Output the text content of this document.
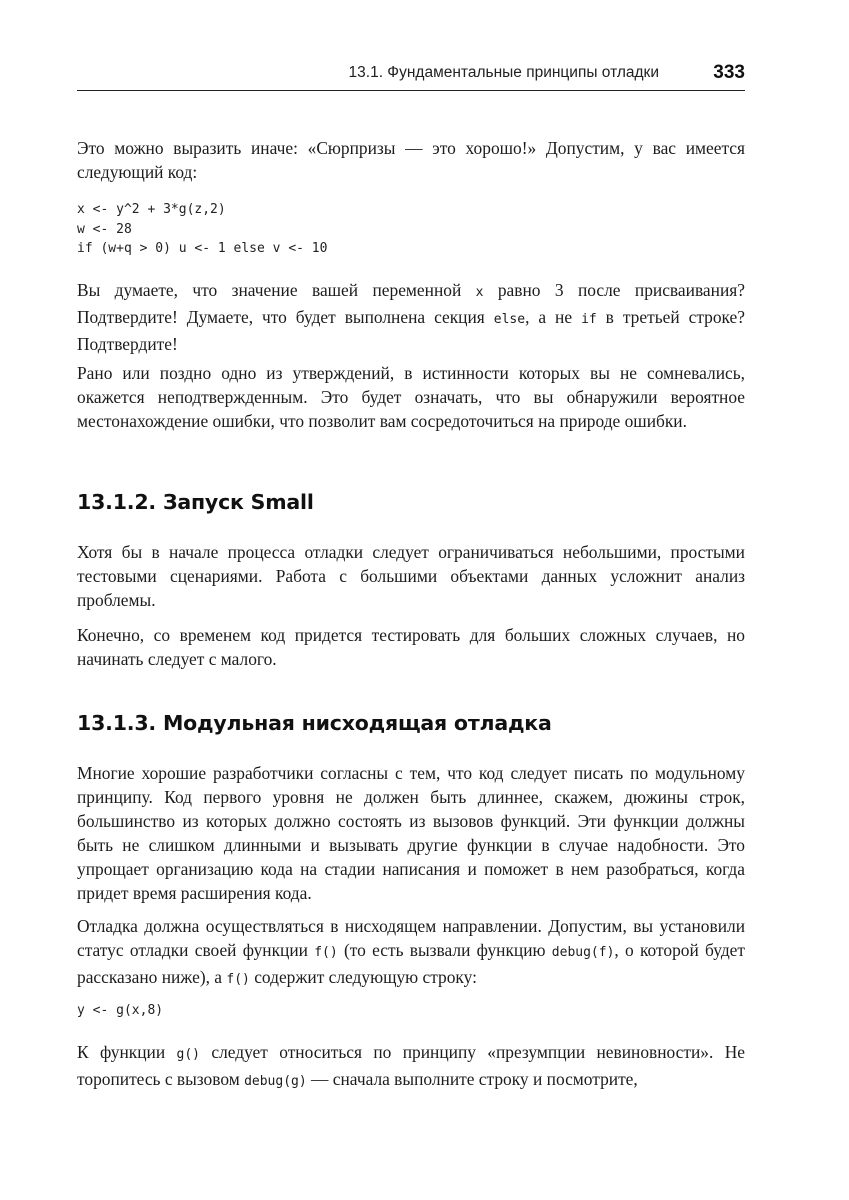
13.1. Фундаментальные принципы отладки	333

Это можно выразить иначе: «Сюрпризы — это хорошо!» Допустим, у вас имеется следующий код:

x <- y^2 + 3*g(z,2)
w <- 28
if (w+q > 0) u <- 1 else v <- 10

Вы думаете, что значение вашей переменной x равно 3 после присваивания? Подтвердите! Думаете, что будет выполнена секция else, а не if в третьей строке? Подтвердите!

Рано или поздно одно из утверждений, в истинности которых вы не сомневались, окажется неподтвержденным. Это будет означать, что вы обнаружили вероятное местонахождение ошибки, что позволит вам сосредоточиться на природе ошибки.

13.1.2. Запуск Small

Хотя бы в начале процесса отладки следует ограничиваться небольшими, простыми тестовыми сценариями. Работа с большими объектами данных усложнит анализ проблемы.

Конечно, со временем код придется тестировать для больших сложных случаев, но начинать следует с малого.

13.1.3. Модульная нисходящая отладка

Многие хорошие разработчики согласны с тем, что код следует писать по модульному принципу. Код первого уровня не должен быть длиннее, скажем, дюжины строк, большинство из которых должно состоять из вызовов функций. Эти функции должны быть не слишком длинными и вызывать другие функции в случае надобности. Это упрощает организацию кода на стадии написания и поможет в нем разобраться, когда придет время расширения кода.

Отладка должна осуществляться в нисходящем направлении. Допустим, вы установили статус отладки своей функции f() (то есть вызвали функцию debug(f), о которой будет рассказано ниже), а f() содержит следующую строку:

y <- g(x,8)

К функции g() следует относиться по принципу «презумпции невиновности». Не торопитесь с вызовом debug(g) — сначала выполните строку и посмотрите,
